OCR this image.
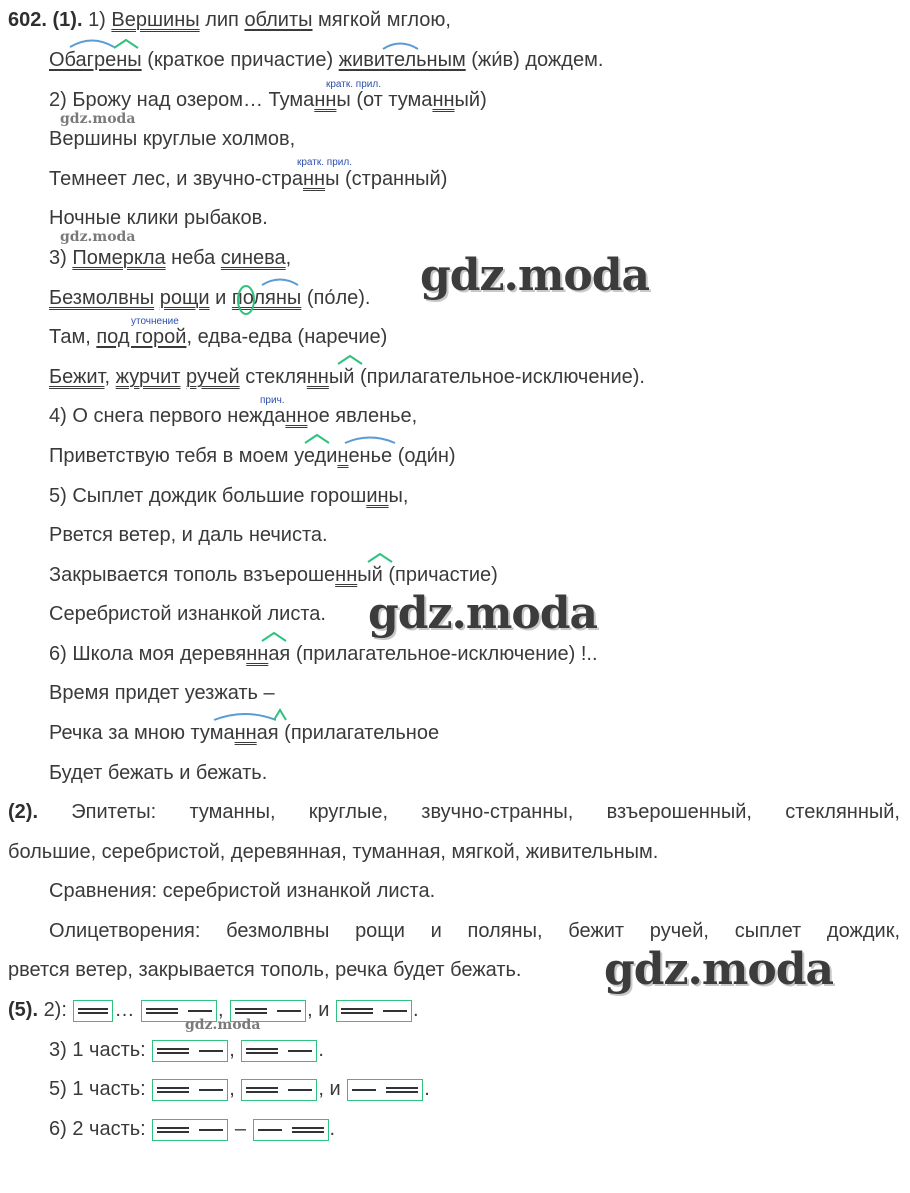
602. (1). 1) Вершины лип облиты мягкой мглою,
Обагрены (краткое причастие) живительным (жи́в) дождем.
2) Брожу над озером… Туманны (от туманный)
Вершины круглые холмов,
Темнеет лес, и звучно-странны (странный)
Ночные клики рыбаков.
3) Померкла неба синева,
Безмолвны рощи и поляны (по́ле).
Там, под горой, едва-едва (наречие)
Бежит, журчит ручей стеклянный (прилагательное-исключение).
4) О снега первого нежданное явленье,
Приветствую тебя в моем уединенье (оди́н)
5) Сыплет дождик большие горошины,
Рвется ветер, и даль нечиста.
Закрывается тополь взъерошенный (причастие)
Серебристой изнанкой листа.
6) Школа моя деревянная (прилагательное-исключение) !..
Время придет уезжать –
Речка за мною туманная (прилагательное
Будет бежать и бежать.
кратк. прил.
кратк. прил.
уточнение
прич.
(2). Эпитеты: туманны, круглые, звучно-странны, взъерошенный, стеклянный,
большие, серебристой, деревянная, туманная, мягкой, живительным.
Сравнения: серебристой изнанкой листа.
Олицетворения: безмолвны рощи и поляны, бежит ручей, сыплет дождик,
рвется ветер, закрывается тополь, речка будет бежать.
(5). 2): …	,	, и	.
3) 1 часть:	,	.
5) 1 часть:	,	, и	.
6) 2 часть:	–	.
gdz.moda
gdz.moda
gdz.moda
gdz.moda
gdz.moda
gdz.moda
